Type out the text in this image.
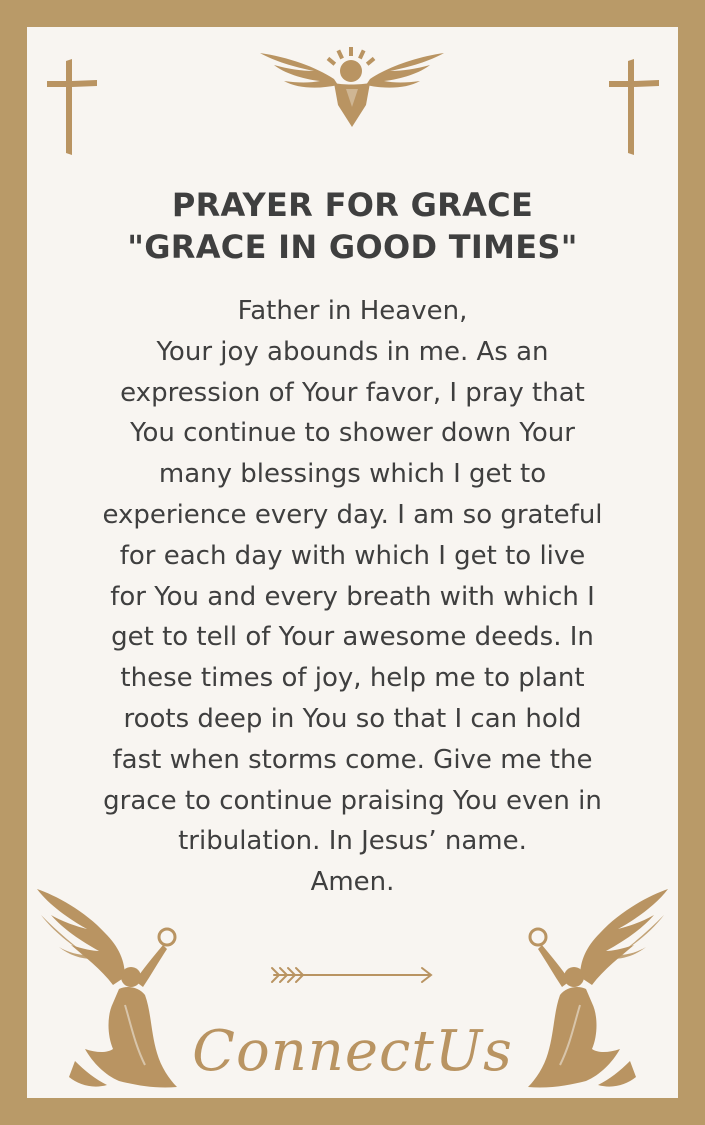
PRAYER FOR GRACE
"GRACE IN GOOD TIMES"
Father in Heaven,
Your joy abounds in me. As an
expression of Your favor, I pray that
You continue to shower down Your
many blessings which I get to
experience every day. I am so grateful
for each day with which I get to live
for You and every breath with which I
get to tell of Your awesome deeds. In
these times of joy, help me to plant
roots deep in You so that I can hold
fast when storms come. Give me the
grace to continue praising You even in
tribulation. In Jesus’ name.
Amen.
ConnectUs
